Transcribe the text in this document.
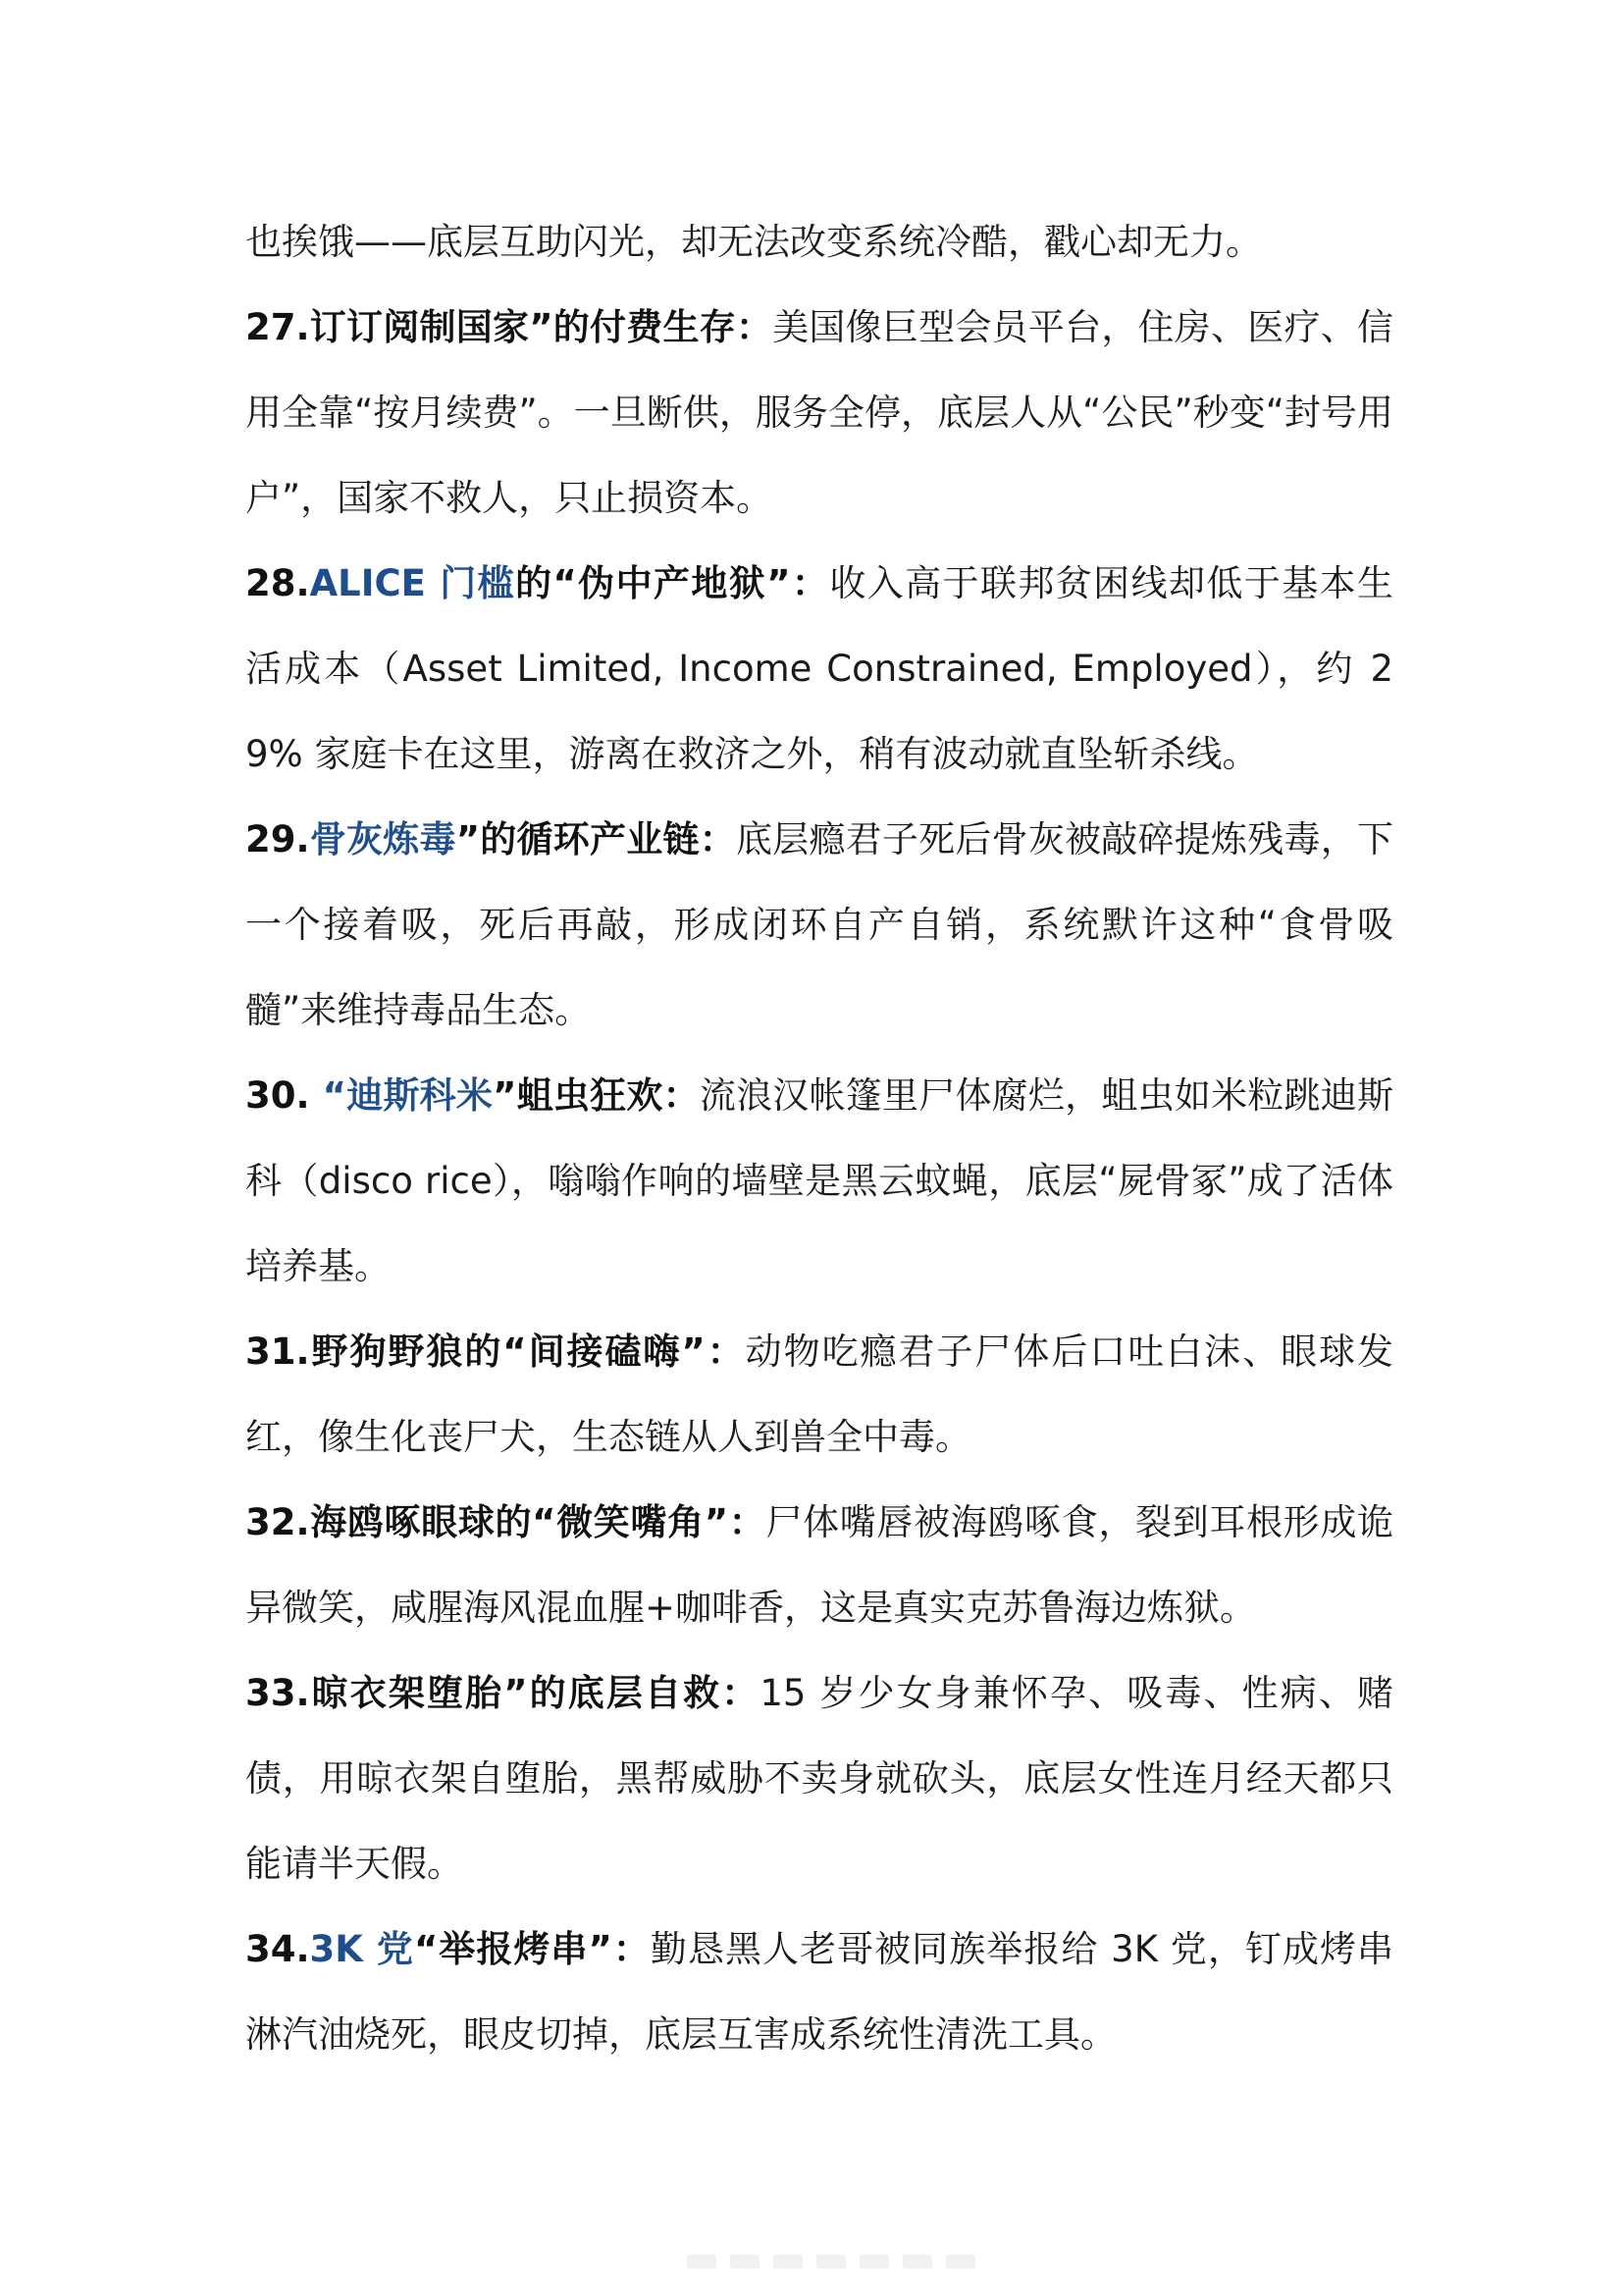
也挨饿——底层互助闪光，却无法改变系统冷酷，戳心却无力。

27.订订阅制国家”的付费生存：美国像巨型会员平台，住房、医疗、信用全靠“按月续费”。一旦断供，服务全停，底层人从“公民”秒变“封号用户”，国家不救人，只止损资本。

28.ALICE 门槛的“伪中产地狱”：收入高于联邦贫困线却低于基本生活成本（Asset Limited, Income Constrained, Employed），约 29% 家庭卡在这里，游离在救济之外，稍有波动就直坠斩杀线。

29.骨灰炼毒”的循环产业链：底层瘾君子死后骨灰被敲碎提炼残毒，下一个接着吸，死后再敲，形成闭环自产自销，系统默许这种“食骨吸髓”来维持毒品生态。

30. “迪斯科米”蛆虫狂欢：流浪汉帐篷里尸体腐烂，蛆虫如米粒跳迪斯科（disco rice），嗡嗡作响的墙壁是黑云蚊蝇，底层“屍骨冢”成了活体培养基。

31.野狗野狼的“间接磕嗨”：动物吃瘾君子尸体后口吐白沫、眼球发红，像生化丧尸犬，生态链从人到兽全中毒。

32.海鸥啄眼球的“微笑嘴角”：尸体嘴唇被海鸥啄食，裂到耳根形成诡异微笑，咸腥海风混血腥+咖啡香，这是真实克苏鲁海边炼狱。

33.晾衣架堕胎”的底层自救：15 岁少女身兼怀孕、吸毒、性病、赌债，用晾衣架自堕胎，黑帮威胁不卖身就砍头，底层女性连月经天都只能请半天假。

34.3K 党“举报烤串”：勤恳黑人老哥被同族举报给 3K 党，钉成烤串淋汽油烧死，眼皮切掉，底层互害成系统性清洗工具。
